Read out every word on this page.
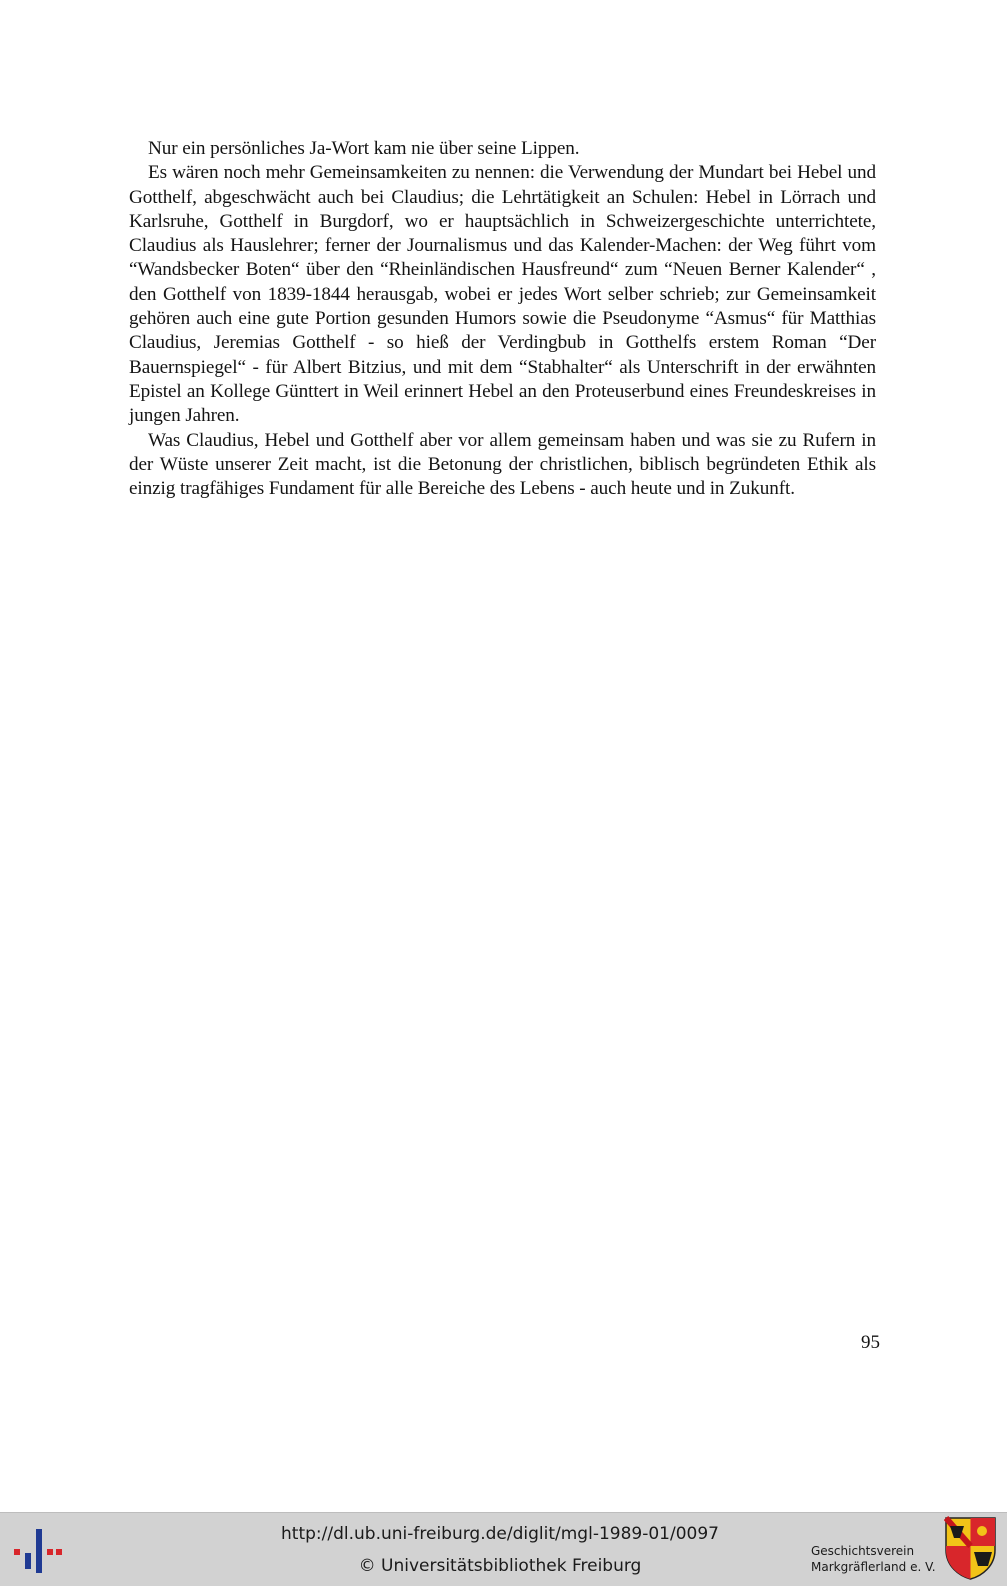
Nur ein persönliches Ja-Wort kam nie über seine Lippen.

Es wären noch mehr Gemeinsamkeiten zu nennen: die Verwendung der Mundart bei Hebel und Gotthelf, abgeschwächt auch bei Claudius; die Lehrtätigkeit an Schulen: Hebel in Lörrach und Karlsruhe, Gotthelf in Burgdorf, wo er hauptsächlich in Schweizergeschichte unterrichtete, Claudius als Hauslehrer; ferner der Journalismus und das Kalender-Machen: der Weg führt vom “Wandsbecker Boten“ über den “Rheinländischen Hausfreund“ zum “Neuen Berner Kalender“ , den Gotthelf von 1839-1844 herausgab, wobei er jedes Wort selber schrieb; zur Gemeinsamkeit gehören auch eine gute Portion gesunden Humors sowie die Pseudonyme “Asmus“ für Matthias Claudius, Jeremias Gotthelf - so hieß der Verdingbub in Gotthelfs erstem Roman “Der Bauernspiegel“ - für Albert Bitzius, und mit dem “Stabhalter“ als Unterschrift in der erwähnten Epistel an Kollege Günttert in Weil erinnert Hebel an den Proteuserbund eines Freundeskreises in jungen Jahren.

Was Claudius, Hebel und Gotthelf aber vor allem gemeinsam haben und was sie zu Rufern in der Wüste unserer Zeit macht, ist die Betonung der christlichen, biblisch begründeten Ethik als einzig tragfähiges Fundament für alle Bereiche des Lebens - auch heute und in Zukunft.

95
http://dl.ub.uni-freiburg.de/diglit/mgl-1989-01/0097
© Universitätsbibliothek Freiburg
Geschichtsverein
Markgräflerland e. V.
